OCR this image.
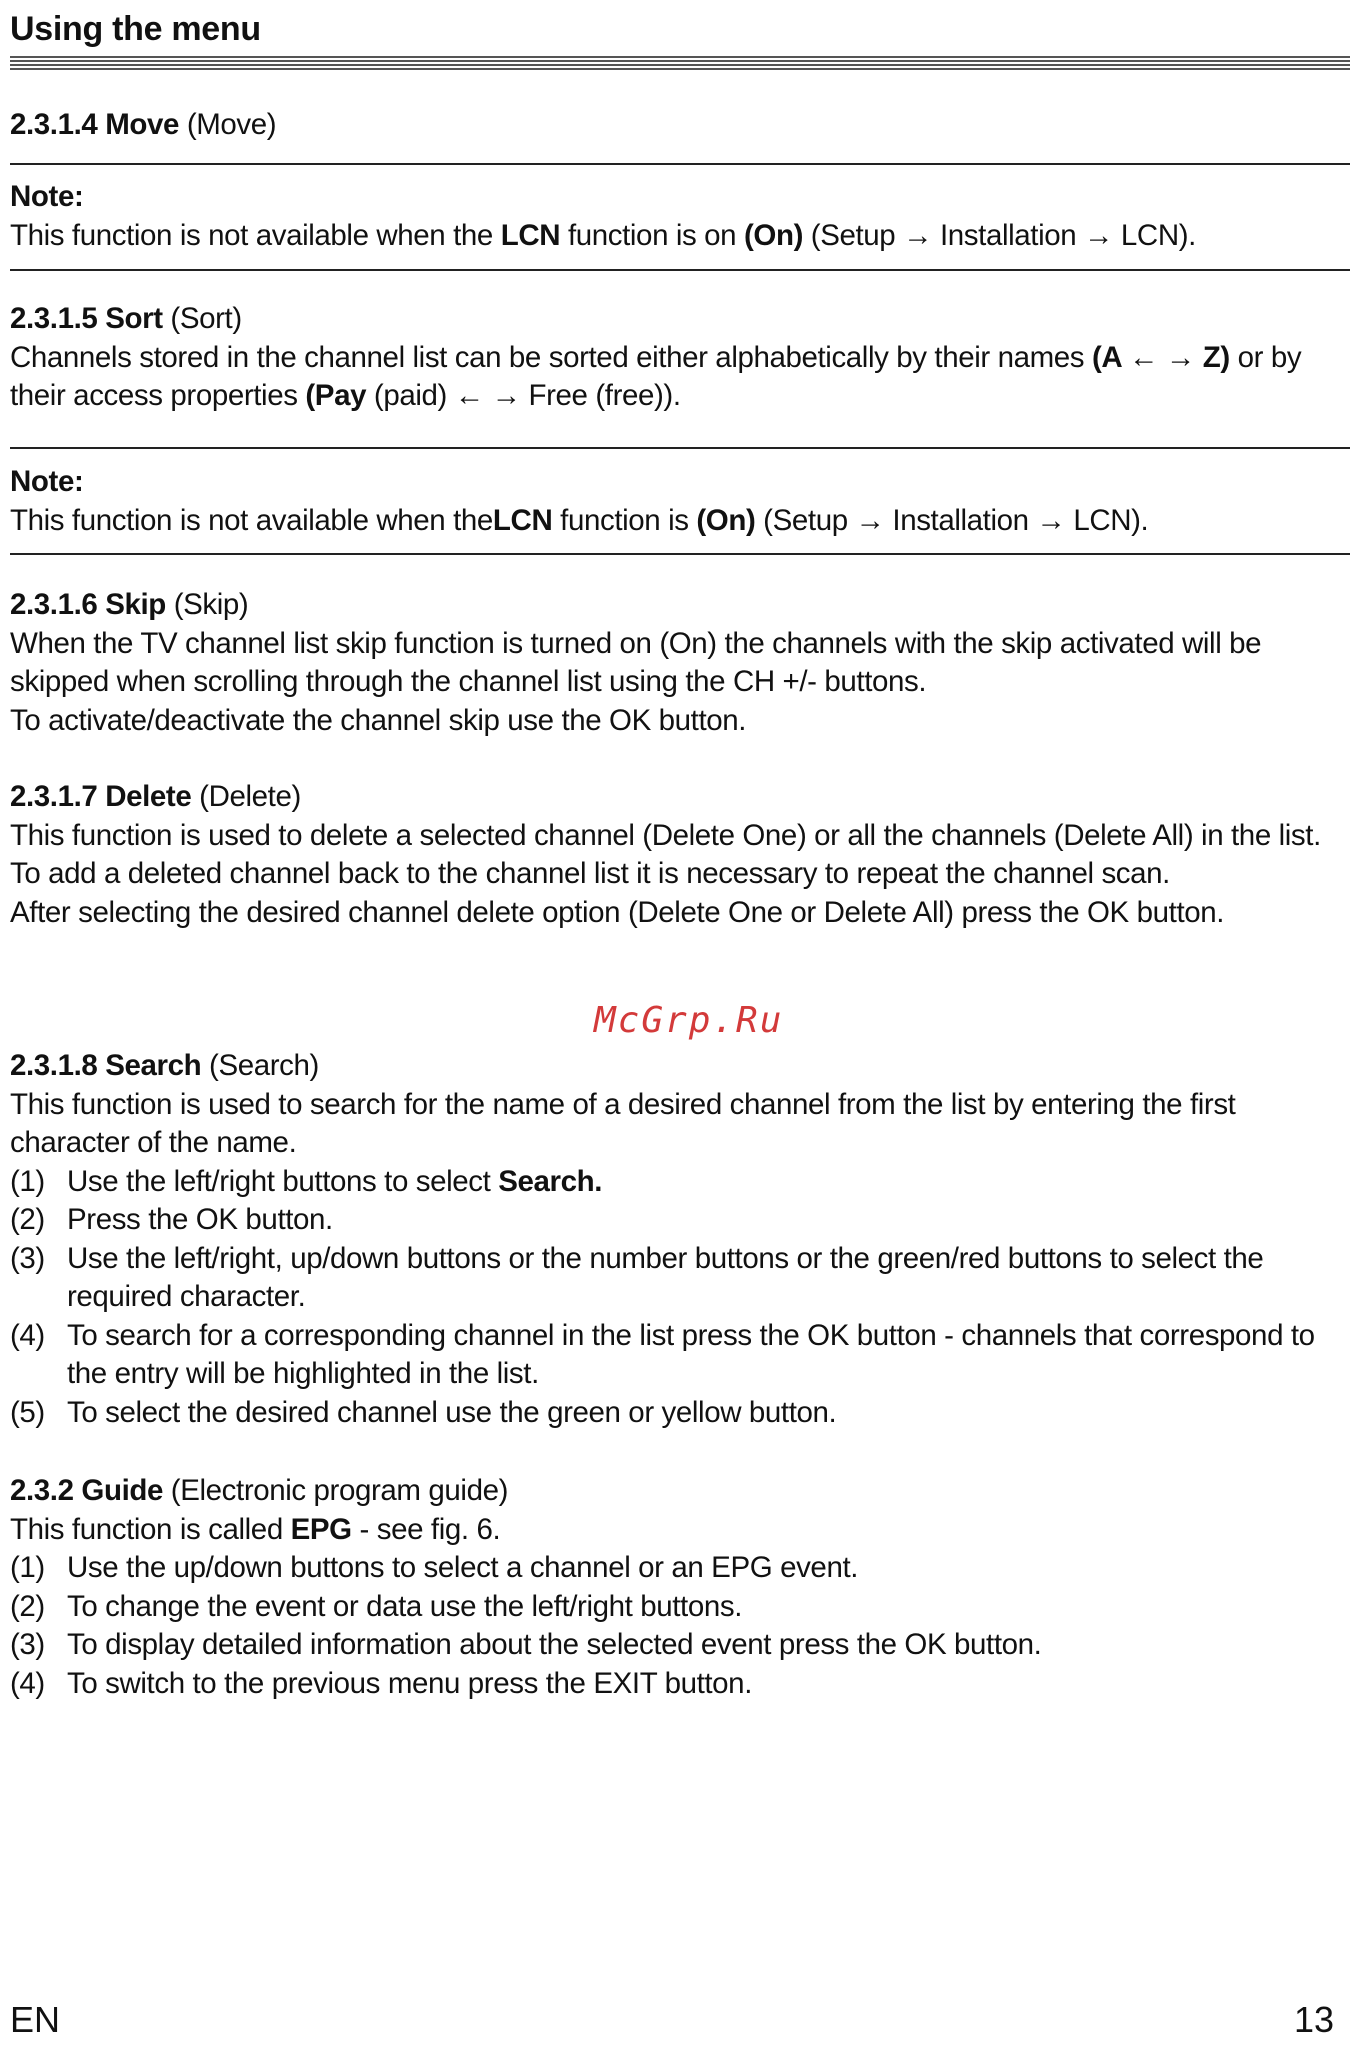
Using the menu
2.3.1.4 Move (Move)
Note:
This function is not available when the LCN function is on (On) (Setup → Installation → LCN).
2.3.1.5 Sort (Sort)
Channels stored in the channel list can be sorted either alphabetically by their names (A ← → Z) or by their access properties (Pay (paid) ← → Free (free)).
Note:
This function is not available when theLCN function is (On) (Setup → Installation → LCN).
2.3.1.6 Skip (Skip)
When the TV channel list skip function is turned on (On) the channels with the skip activated will be skipped when scrolling through the channel list using the CH +/- buttons.
To activate/deactivate the channel skip use the OK button.
2.3.1.7 Delete (Delete)
This function is used to delete a selected channel (Delete One) or all the channels (Delete All) in the list. To add a deleted channel back to the channel list it is necessary to repeat the channel scan.
After selecting the desired channel delete option (Delete One or Delete All) press the OK button.
McGrp.Ru
2.3.1.8 Search (Search)
This function is used to search for the name of a desired channel from the list by entering the first character of the name.
(1) Use the left/right buttons to select Search.
(2) Press the OK button.
(3) Use the left/right, up/down buttons or the number buttons or the green/red buttons to select the required character.
(4) To search for a corresponding channel in the list press the OK button - channels that correspond to the entry will be highlighted in the list.
(5) To select the desired channel use the green or yellow button.
2.3.2 Guide (Electronic program guide)
This function is called EPG - see fig. 6.
(1) Use the up/down buttons to select a channel or an EPG event.
(2) To change the event or data use the left/right buttons.
(3) To display detailed information about the selected event press the OK button.
(4) To switch to the previous menu press the EXIT button.
EN	13
